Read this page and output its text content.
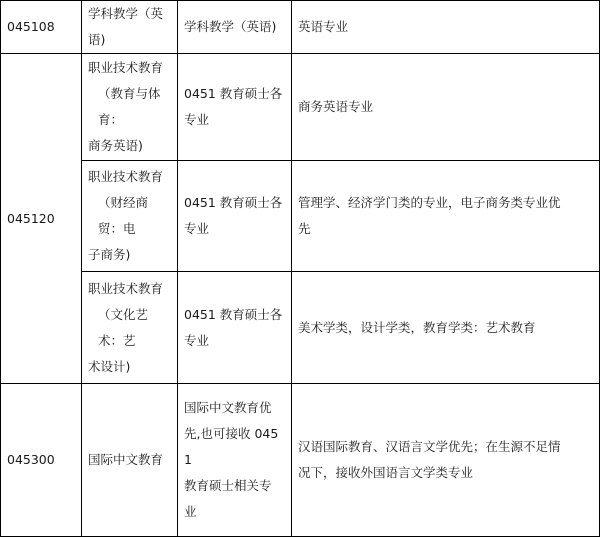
045108	学科教学（英语)	学科教学（英语)	英语专业
045120	职业技术教育
（教育与体育：
商务英语)	0451 教育硕士各
专业	商务英语专业

	职业技术教育
（财经商贸：电
子商务)	0451 教育硕士各
专业	管理学、经济学门类的专业，电子商务类专业优
先

	职业技术教育
（文化艺术：艺
术设计)	0451 教育硕士各
专业	美术学类，设计学类，教育学类：艺术教育

045300	国际中文教育	国际中文教育优
先,也可接收 0451
教育硕士相关专
业	汉语国际教育、汉语言文学优先；在生源不足情
况下，接收外国语言文学类专业
